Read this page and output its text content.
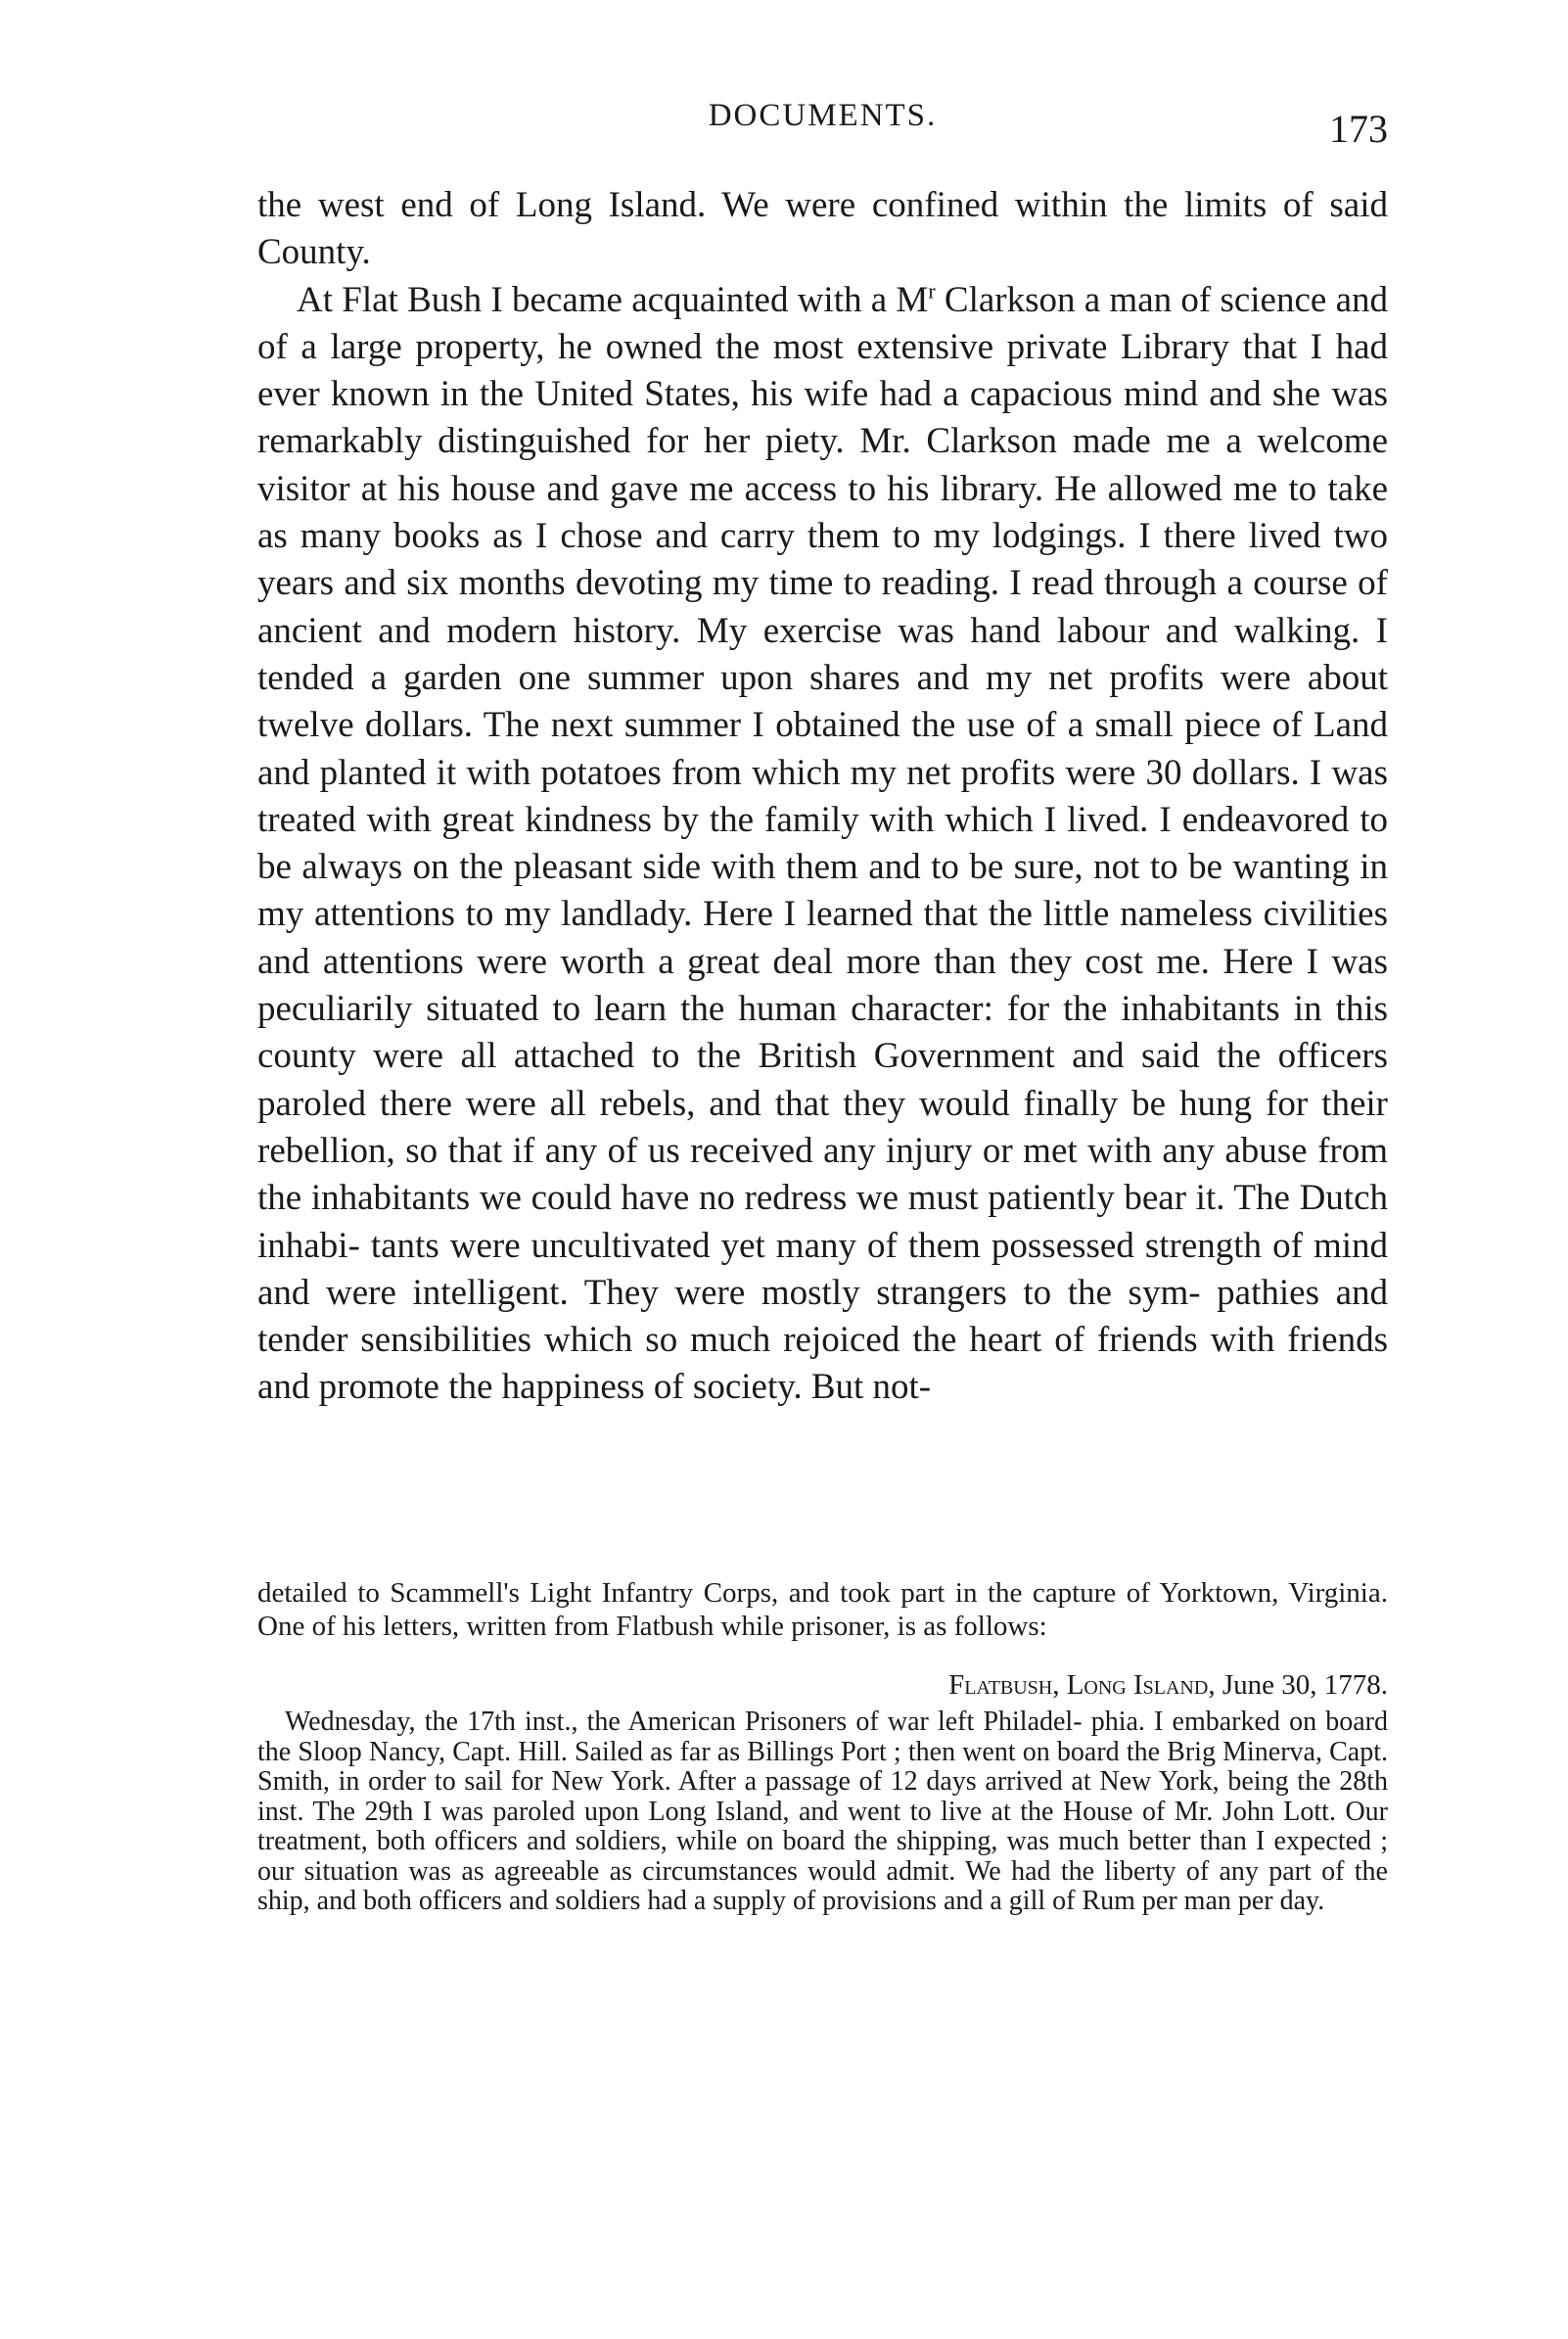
DOCUMENTS.	173

the west end of Long Island. We were confined within the limits of said County.

At Flat Bush I became acquainted with a $M^r$ Clarkson a man of science and of a large property, he owned the most extensive private Library that I had ever known in the United States, his wife had a capacious mind and she was remarkably distinguished for her piety. Mr. Clarkson made me a welcome visitor at his house and gave me access to his library. He allowed me to take as many books as I chose and carry them to my lodgings. I there lived two years and six months devoting my time to reading. I read through a course of ancient and modern history. My exercise was hand labour and walking. I tended a garden one summer upon shares and my net profits were about twelve dollars. The next summer I obtained the use of a small piece of Land and planted it with potatoes from which my net profits were 30 dollars. I was treated with great kindness by the family with which I lived. I endeavored to be always on the pleasant side with them and to be sure, not to be wanting in my attentions to my landlady. Here I learned that the little nameless civilities and attentions were worth a great deal more than they cost me. Here I was peculiarily situated to learn the human character: for the inhabitants in this county were all attached to the British Government and said the officers paroled there were all rebels, and that they would finally be hung for their rebellion, so that if any of us received any injury or met with any abuse from the inhabitants we could have no redress we must patiently bear it. The Dutch inhabi- tants were uncultivated yet many of them possessed strength of mind and were intelligent. They were mostly strangers to the sym- pathies and tender sensibilities which so much rejoiced the heart of friends with friends and promote the happiness of society. But not-

detailed to Scammell's Light Infantry Corps, and took part in the capture of Yorktown, Virginia. One of his letters, written from Flatbush while prisoner, is as follows:

Flatbush, Long Island, June 30, 1778.

Wednesday, the 17th inst., the American Prisoners of war left Philadel- phia. I embarked on board the Sloop Nancy, Capt. Hill. Sailed as far as Billings Port ; then went on board the Brig Minerva, Capt. Smith, in order to sail for New York. After a passage of 12 days arrived at New York, being the 28th inst. The 29th I was paroled upon Long Island, and went to live at the House of Mr. John Lott. Our treatment, both officers and soldiers, while on board the shipping, was much better than I expected ; our situation was as agreeable as circumstances would admit. We had the liberty of any part of the ship, and both officers and soldiers had a supply of provisions and a gill of Rum per man per day.
